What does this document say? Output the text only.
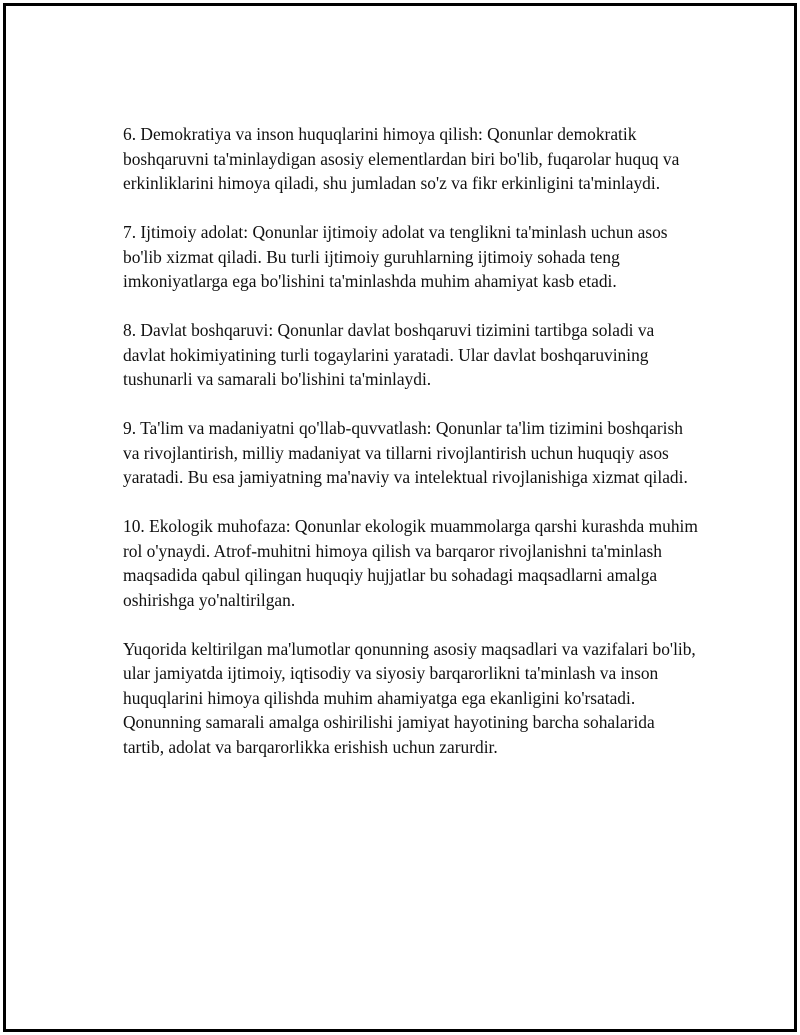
6. Demokratiya va inson huquqlarini himoya qilish: Qonunlar demokratik boshqaruvni ta'minlaydigan asosiy elementlardan biri bo'lib, fuqarolar huquq va erkinliklarini himoya qiladi, shu jumladan so'z va fikr erkinligini ta'minlaydi.

7. Ijtimoiy adolat: Qonunlar ijtimoiy adolat va tenglikni ta'minlash uchun asos bo'lib xizmat qiladi. Bu turli ijtimoiy guruhlarning ijtimoiy sohada teng imkoniyatlarga ega bo'lishini ta'minlashda muhim ahamiyat kasb etadi.

8. Davlat boshqaruvi: Qonunlar davlat boshqaruvi tizimini tartibga soladi va davlat hokimiyatining turli togaylarini yaratadi. Ular davlat boshqaruvining tushunarli va samarali bo'lishini ta'minlaydi.

9. Ta'lim va madaniyatni qo'llab-quvvatlash: Qonunlar ta'lim tizimini boshqarish va rivojlantirish, milliy madaniyat va tillarni rivojlantirish uchun huquqiy asos yaratadi. Bu esa jamiyatning ma'naviy va intelektual rivojlanishiga xizmat qiladi.

10. Ekologik muhofaza: Qonunlar ekologik muammolarga qarshi kurashda muhim rol o'ynaydi. Atrof-muhitni himoya qilish va barqaror rivojlanishni ta'minlash maqsadida qabul qilingan huquqiy hujjatlar bu sohadagi maqsadlarni amalga oshirishga yo'naltirilgan.

Yuqorida keltirilgan ma'lumotlar qonunning asosiy maqsadlari va vazifalari bo'lib, ular jamiyatda ijtimoiy, iqtisodiy va siyosiy barqarorlikni ta'minlash va inson huquqlarini himoya qilishda muhim ahamiyatga ega ekanligini ko'rsatadi.  Qonunning samarali amalga oshirilishi jamiyat hayotining barcha sohalarida tartib, adolat va barqarorlikka erishish uchun zarurdir.
